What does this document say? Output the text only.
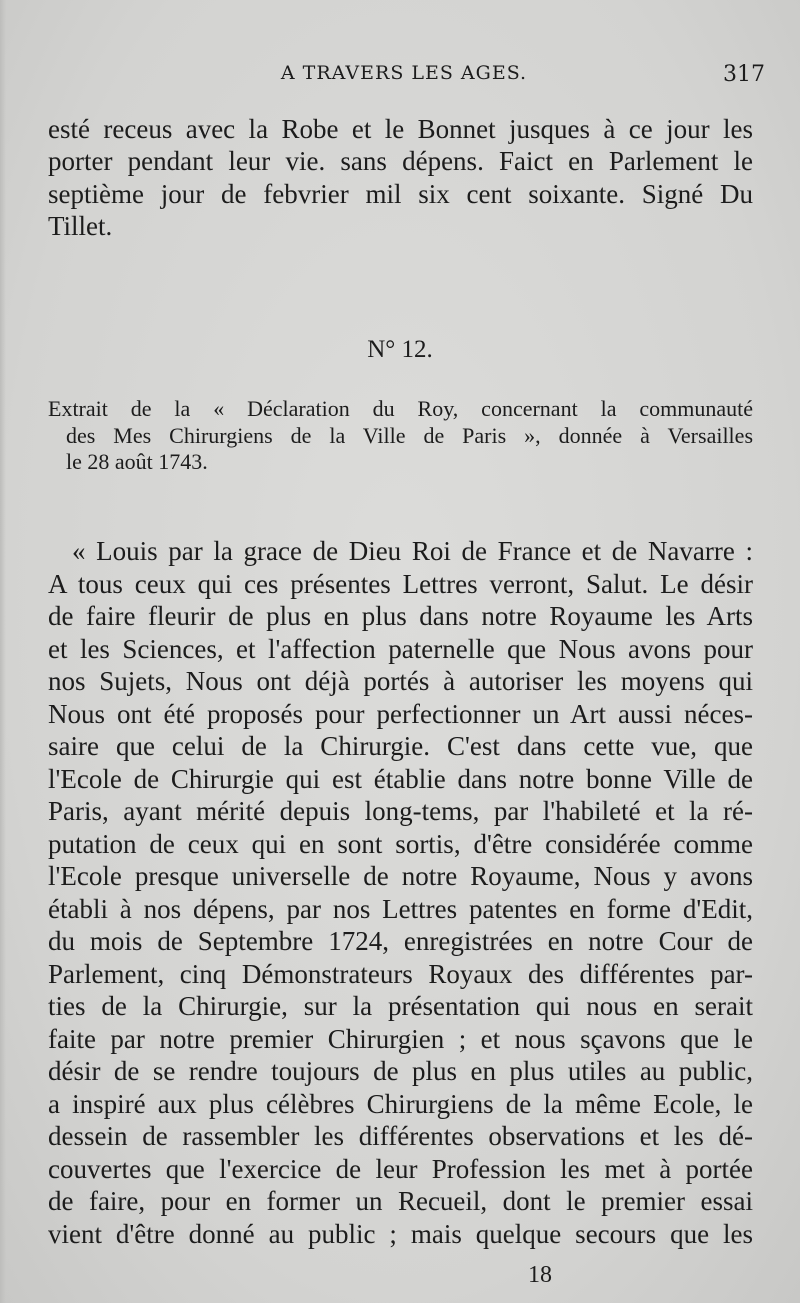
A TRAVERS LES AGES.	317
esté receus avec la Robe et le Bonnet jusques à ce jour les
porter pendant leur vie. sans dépens. Faict en Parlement le
septième jour de febvrier mil six cent soixante. Signé Du
Tillet.
N° 12.
Extrait de la « Déclaration du Roy, concernant la communauté
des Mes Chirurgiens de la Ville de Paris », donnée à Versailles
le 28 août 1743.
« Louis par la grace de Dieu Roi de France et de Navarre :
A tous ceux qui ces présentes Lettres verront, Salut. Le désir
de faire fleurir de plus en plus dans notre Royaume les Arts
et les Sciences, et l'affection paternelle que Nous avons pour
nos Sujets, Nous ont déjà portés à autoriser les moyens qui
Nous ont été proposés pour perfectionner un Art aussi néces-
saire que celui de la Chirurgie. C'est dans cette vue, que
l'Ecole de Chirurgie qui est établie dans notre bonne Ville de
Paris, ayant mérité depuis long-tems, par l'habileté et la ré-
putation de ceux qui en sont sortis, d'être considérée comme
l'Ecole presque universelle de notre Royaume, Nous y avons
établi à nos dépens, par nos Lettres patentes en forme d'Edit,
du mois de Septembre 1724, enregistrées en notre Cour de
Parlement, cinq Démonstrateurs Royaux des différentes par-
ties de la Chirurgie, sur la présentation qui nous en serait
faite par notre premier Chirurgien ; et nous sçavons que le
désir de se rendre toujours de plus en plus utiles au public,
a inspiré aux plus célèbres Chirurgiens de la même Ecole, le
dessein de rassembler les différentes observations et les dé-
couvertes que l'exercice de leur Profession les met à portée
de faire, pour en former un Recueil, dont le premier essai
vient d'être donné au public ; mais quelque secours que les
18
